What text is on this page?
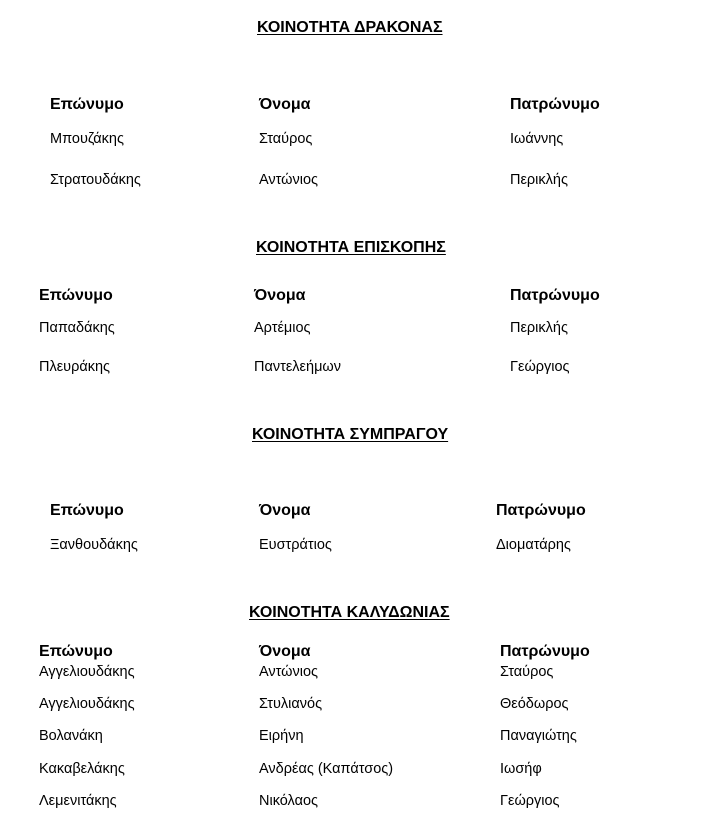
ΚΟΙΝΟΤΗΤΑ ΔΡΑΚΟΝΑΣ
Επώνυμο	Όνομα	Πατρώνυμο
Μπουζάκης	Σταύρος	Ιωάννης
Στρατουδάκης	Αντώνιος	Περικλής
ΚΟΙΝΟΤΗΤΑ ΕΠΙΣΚΟΠΗΣ
Επώνυμο	Όνομα	Πατρώνυμο
Παπαδάκης	Αρτέμιος	Περικλής
Πλευράκης	Παντελεήμων	Γεώργιος
ΚΟΙΝΟΤΗΤΑ ΣΥΜΠΡΑΓΟΥ
Επώνυμο	Όνομα	Πατρώνυμο
Ξανθουδάκης	Ευστράτιος	Διοματάρης
ΚΟΙΝΟΤΗΤΑ ΚΑΛΥΔΩΝΙΑΣ
Επώνυμο	Όνομα	Πατρώνυμο
Αγγελιουδάκης	Αντώνιος	Σταύρος
Αγγελιουδάκης	Στυλιανός	Θεόδωρος
Βολανάκη	Ειρήνη	Παναγιώτης
Κακαβελάκης	Ανδρέας (Καπάτσος)	Ιωσήφ
Λεμενιτάκης	Νικόλαος	Γεώργιος
